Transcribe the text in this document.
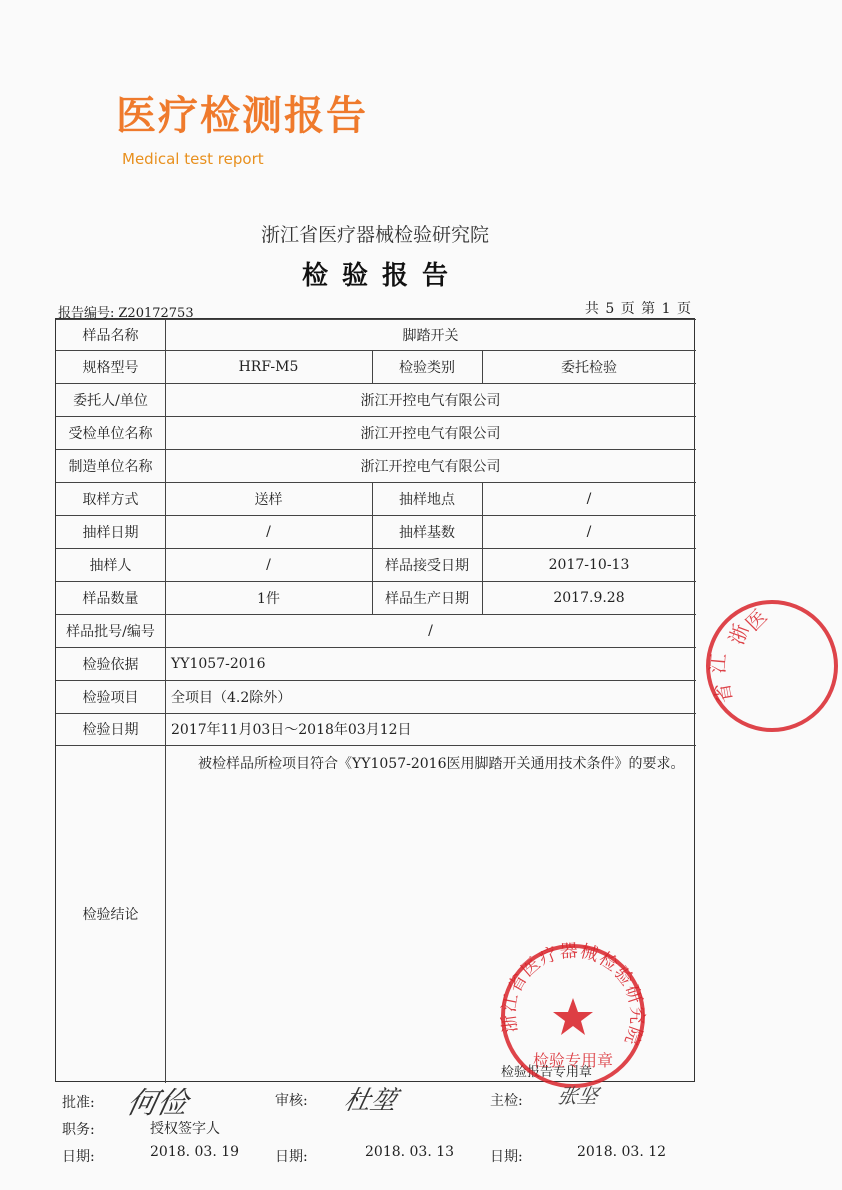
医疗检测报告
Medical test report
浙江省医疗器械检验研究院
检验报告
报告编号: Z20172753	共 5 页 第 1 页
浙
江
省
医
样品名称	脚踏开关
规格型号	HRF-M5	检验类别	委托检验
委托人/单位	浙江开控电气有限公司
受检单位名称	浙江开控电气有限公司
制造单位名称	浙江开控电气有限公司
取样方式	送样	抽样地点	/
抽样日期	/	抽样基数	/
抽样人	/	样品接受日期	2017-10-13
样品数量	1件	样品生产日期	2017.9.28
样品批号/编号	/
检验依据	YY1057-2016
检验项目	全项目（4.2除外）
检验日期	2017年11月03日～2018年03月12日
检验结论
被检样品所检项目符合《YY1057-2016医用脚踏开关通用技术条件》的要求。
检验报告专用章
浙江省医疗器械检验研究院
检验专用章
批准: 何俭	审核: 杜堃	主检: 张坚
职务:	授权签字人
日期:	2018. 03. 19	日期:	2018. 03. 13	日期:	2018. 03. 12
